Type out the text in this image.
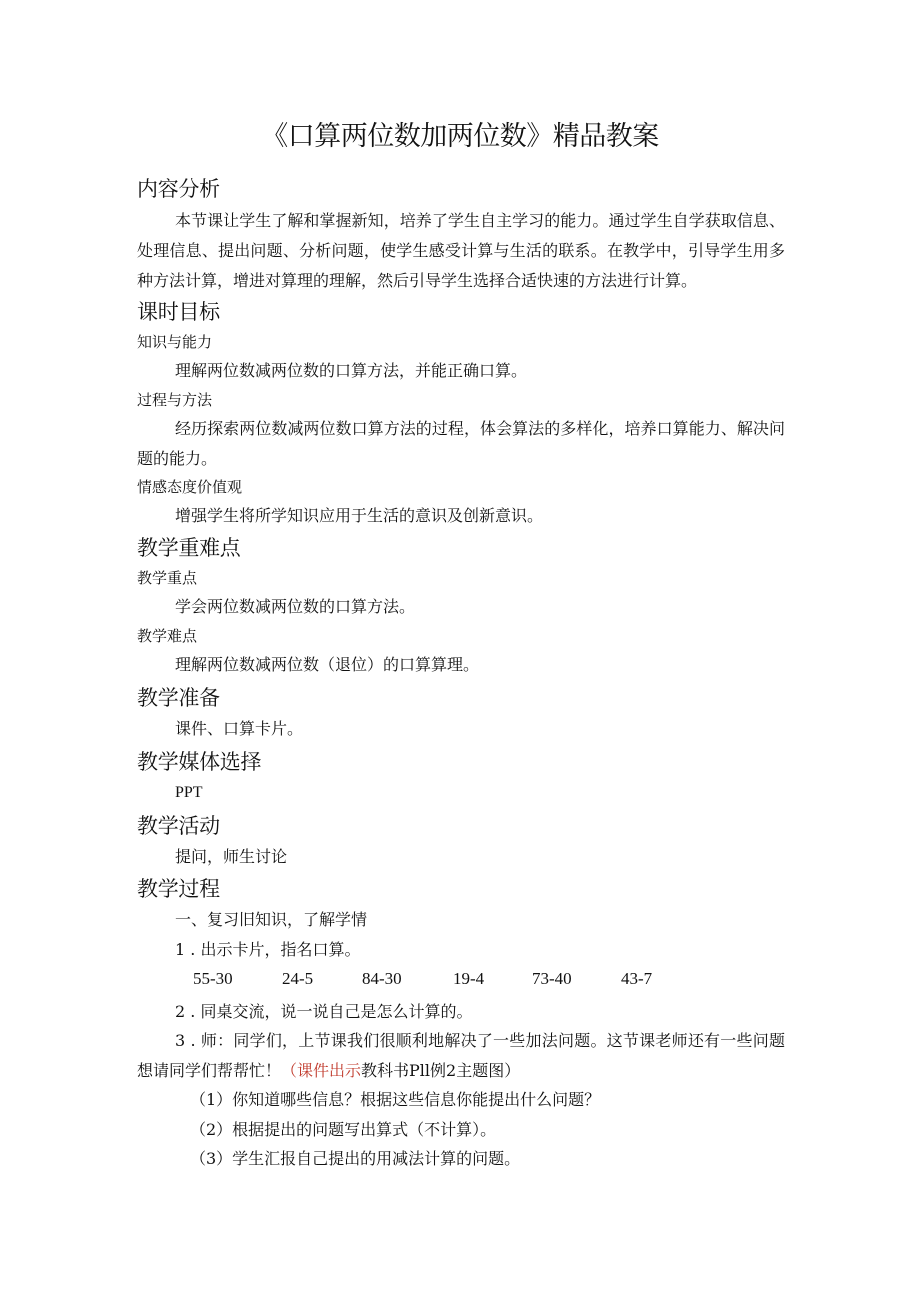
《口算两位数加两位数》精品教案
内容分析
本节课让学生了解和掌握新知，培养了学生自主学习的能力。通过学生自学获取信息、处理信息、提出问题、分析问题，使学生感受计算与生活的联系。在教学中，引导学生用多种方法计算，增进对算理的理解，然后引导学生选择合适快速的方法进行计算。
课时目标
知识与能力
理解两位数减两位数的口算方法，并能正确口算。
过程与方法
经历探索两位数减两位数口算方法的过程，体会算法的多样化，培养口算能力、解决问题的能力。
情感态度价值观
增强学生将所学知识应用于生活的意识及创新意识。
教学重难点
教学重点
学会两位数减两位数的口算方法。
教学难点
理解两位数减两位数（退位）的口算算理。
教学准备
课件、口算卡片。
教学媒体选择
PPT
教学活动
提问，师生讨论
教学过程
一、复习旧知识，了解学情
1 . 出示卡片，指名口算。
55-30	24-5	84-30	19-4	73-40	43-7
2 . 同桌交流，说一说自己是怎么计算的。
3 . 师：同学们，上节课我们很顺利地解决了一些加法问题。这节课老师还有一些问题想请同学们帮帮忙！（课件出示教科书Pll例2主题图）
（1）你知道哪些信息？根据这些信息你能提出什么问题？
（2）根据提出的问题写出算式（不计算）。
（3）学生汇报自己提出的用减法计算的问题。
